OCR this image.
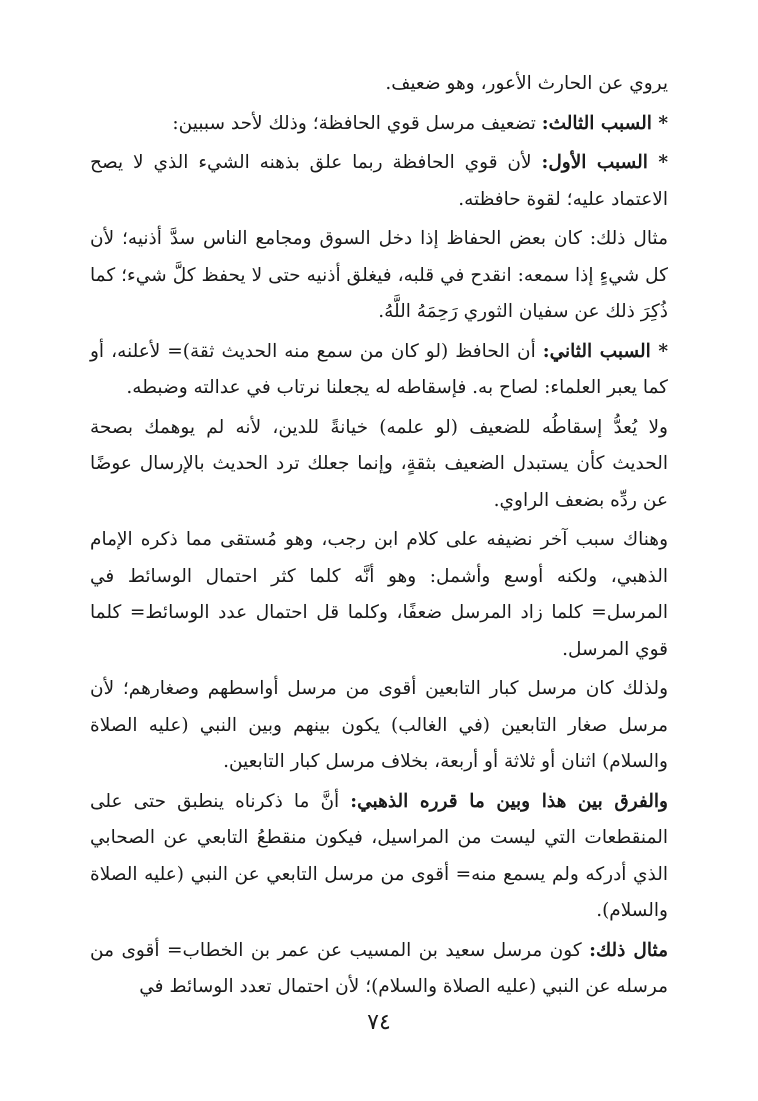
يروي عن الحارث الأعور، وهو ضعيف.

* السبب الثالث: تضعيف مرسل قوي الحافظة؛ وذلك لأحد سببين:

* السبب الأول: لأن قوي الحافظة ربما علق بذهنه الشيء الذي لا يصح الاعتماد عليه؛ لقوة حافظته.

مثال ذلك: كان بعض الحفاظ إذا دخل السوق ومجامع الناس سدَّ أذنيه؛ لأن كل شيءٍ إذا سمعه: انقدح في قلبه، فيغلق أذنيه حتى لا يحفظ كلَّ شيء؛ كما ذُكِرَ ذلك عن سفيان الثوري رَحِمَهُ اللَّهُ.

* السبب الثاني: أن الحافظ (لو كان من سمع منه الحديث ثقة)= لأعلنه، أو كما يعبر العلماء: لصاح به. فإسقاطه له يجعلنا نرتاب في عدالته وضبطه.

ولا يُعدُّ إسقاطُه للضعيف (لو علمه) خيانةً للدين، لأنه لم يوهمك بصحة الحديث كأن يستبدل الضعيف بثقةٍ، وإنما جعلك ترد الحديث بالإرسال عوضًا عن ردِّه بضعف الراوي.

وهناك سبب آخر نضيفه على كلام ابن رجب، وهو مُستقى مما ذكره الإمام الذهبي، ولكنه أوسع وأشمل: وهو أنَّه كلما كثر احتمال الوسائط في المرسل= كلما زاد المرسل ضعفًا، وكلما قل احتمال عدد الوسائط= كلما قوي المرسل.

ولذلك كان مرسل كبار التابعين أقوى من مرسل أواسطهم وصغارهم؛ لأن مرسل صغار التابعين (في الغالب) يكون بينهم وبين النبي (عليه الصلاة والسلام) اثنان أو ثلاثة أو أربعة، بخلاف مرسل كبار التابعين.

والفرق بين هذا وبين ما قرره الذهبي: أنَّ ما ذكرناه ينطبق حتى على المنقطعات التي ليست من المراسيل، فيكون منقطعُ التابعي عن الصحابي الذي أدركه ولم يسمع منه= أقوى من مرسل التابعي عن النبي (عليه الصلاة والسلام).

مثال ذلك: كون مرسل سعيد بن المسيب عن عمر بن الخطاب= أقوى من مرسله عن النبي (عليه الصلاة والسلام)؛ لأن احتمال تعدد الوسائط في

٧٤
